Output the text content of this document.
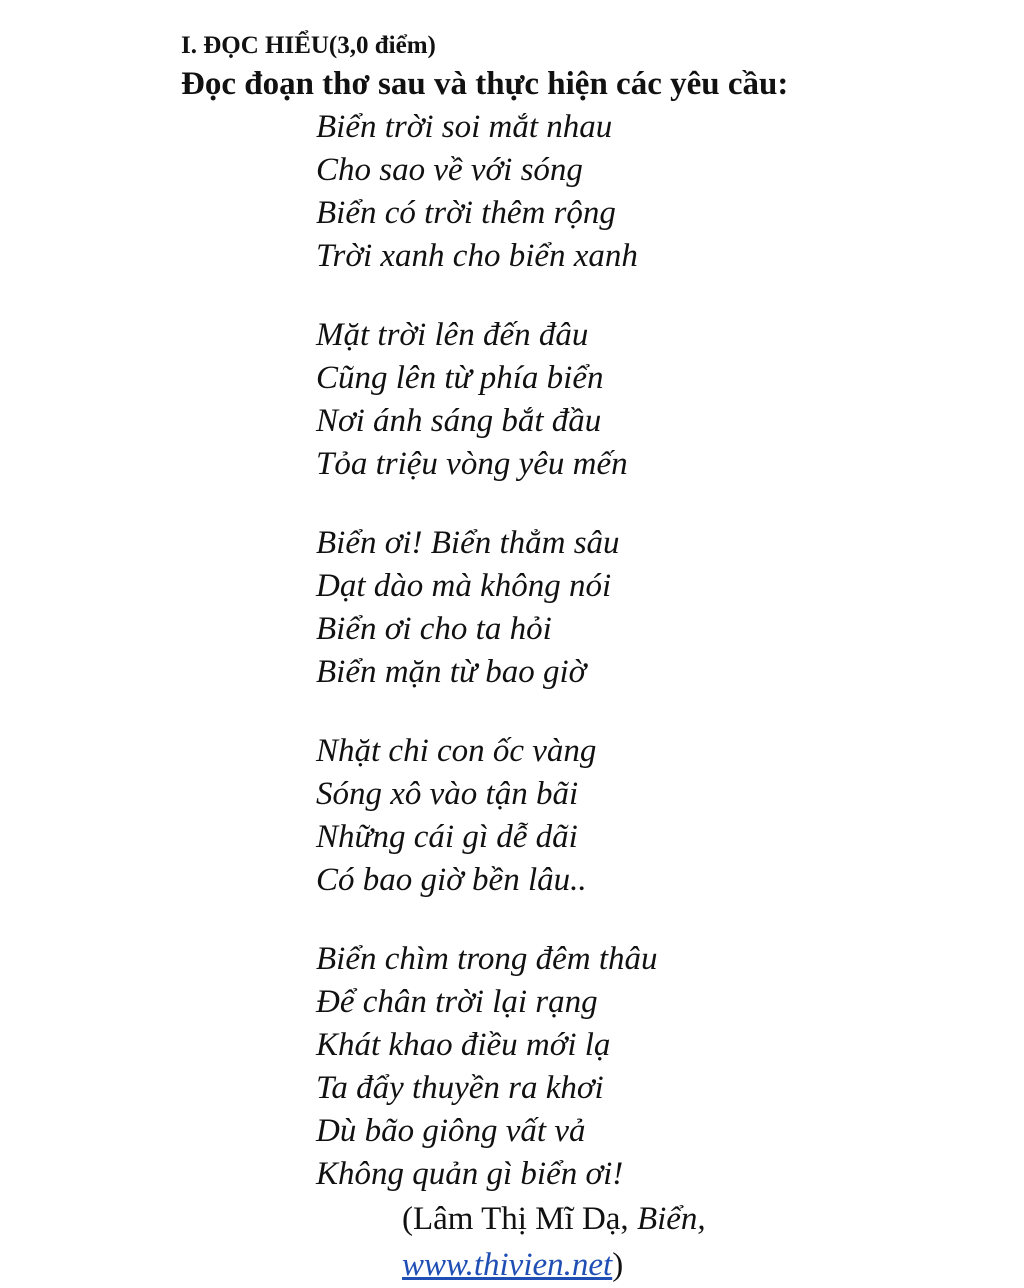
I. ĐỌC HIỂU(3,0 điểm)
Đọc đoạn thơ sau và thực hiện các yêu cầu:
Biển trời soi mắt nhau
Cho sao về với sóng
Biển có trời thêm rộng
Trời xanh cho biển xanh
Mặt trời lên đến đâu
Cũng lên từ phía biển
Nơi ánh sáng bắt đầu
Tỏa triệu vòng yêu mến
Biển ơi! Biển thẳm sâu
Dạt dào mà không nói
Biển ơi cho ta hỏi
Biển mặn từ bao giờ
Nhặt chi con ốc vàng
Sóng xô vào tận bãi
Những cái gì dễ dãi
Có bao giờ bền lâu..
Biển chìm trong đêm thâu
Để chân trời lại rạng
Khát khao điều mới lạ
Ta đẩy thuyền ra khơi
Dù bão giông vất vả
Không quản gì biển ơi!
(Lâm Thị Mĩ Dạ, Biển,
www.thivien.net)
